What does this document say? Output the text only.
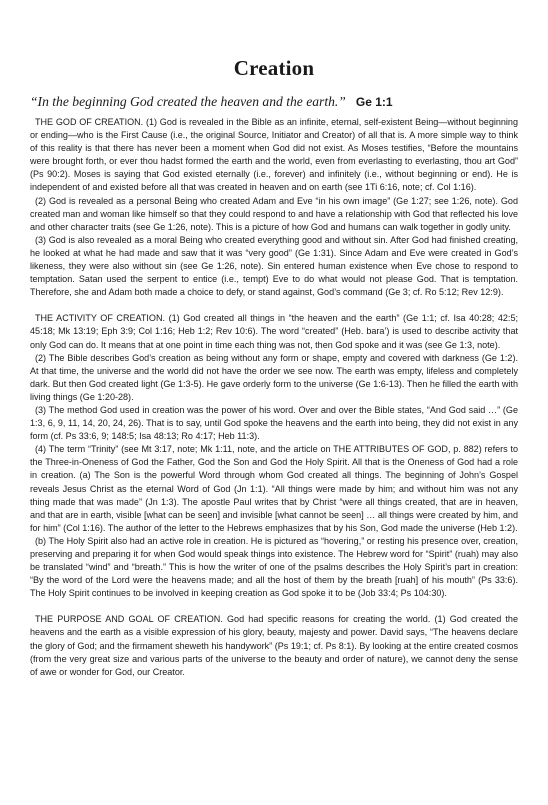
Creation
“In the beginning God created the heaven and the earth.” Ge 1:1

THE GOD OF CREATION. (1) God is revealed in the Bible as an infinite, eternal, self-existent Being—without beginning or ending—who is the First Cause (i.e., the original Source, Initiator and Creator) of all that is. A more simple way to think of this reality is that there has never been a moment when God did not exist. As Moses testifies, “Before the mountains were brought forth, or ever thou hadst formed the earth and the world, even from everlasting to everlasting, thou art God” (Ps 90:2). Moses is saying that God existed eternally (i.e., forever) and infinitely (i.e., without beginning or end). He is independent of and existed before all that was created in heaven and on earth (see 1Ti 6:16, note; cf. Col 1:16).

(2) God is revealed as a personal Being who created Adam and Eve “in his own image” (Ge 1:27; see 1:26, note). God created man and woman like himself so that they could respond to and have a relationship with God that reflected his love and other character traits (see Ge 1:26, note). This is a picture of how God and humans can walk together in godly unity.

(3) God is also revealed as a moral Being who created everything good and without sin. After God had finished creating, he looked at what he had made and saw that it was “very good” (Ge 1:31). Since Adam and Eve were created in God’s likeness, they were also without sin (see Ge 1:26, note). Sin entered human existence when Eve chose to respond to temptation. Satan used the serpent to entice (i.e., tempt) Eve to do what would not please God. That is temptation. Therefore, she and Adam both made a choice to defy, or stand against, God’s command (Ge 3; cf. Ro 5:12; Rev 12:9).

THE ACTIVITY OF CREATION. (1) God created all things in “the heaven and the earth” (Ge 1:1; cf. Isa 40:28; 42:5; 45:18; Mk 13:19; Eph 3:9; Col 1:16; Heb 1:2; Rev 10:6). The word “created” (Heb. bara’) is used to describe activity that only God can do. It means that at one point in time each thing was not, then God spoke and it was (see Ge 1:3, note).

(2) The Bible describes God’s creation as being without any form or shape, empty and covered with darkness (Ge 1:2). At that time, the universe and the world did not have the order we see now. The earth was empty, lifeless and completely dark. But then God created light (Ge 1:3-5). He gave orderly form to the universe (Ge 1:6-13). Then he filled the earth with living things (Ge 1:20-28).

(3) The method God used in creation was the power of his word. Over and over the Bible states, “And God said …” (Ge 1:3, 6, 9, 11, 14, 20, 24, 26). That is to say, until God spoke the heavens and the earth into being, they did not exist in any form (cf. Ps 33:6, 9; 148:5; Isa 48:13; Ro 4:17; Heb 11:3).

(4) The term “Trinity” (see Mt 3:17, note; Mk 1:11, note, and the article on THE ATTRIBUTES OF GOD, p. 882) refers to the Three-in-Oneness of God the Father, God the Son and God the Holy Spirit. All that is the Oneness of God had a role in creation. (a) The Son is the powerful Word through whom God created all things. The beginning of John’s Gospel reveals Jesus Christ as the eternal Word of God (Jn 1:1). “All things were made by him; and without him was not any thing made that was made” (Jn 1:3). The apostle Paul writes that by Christ “were all things created, that are in heaven, and that are in earth, visible [what can be seen] and invisible [what cannot be seen] … all things were created by him, and for him” (Col 1:16). The author of the letter to the Hebrews emphasizes that by his Son, God made the universe (Heb 1:2).

(b) The Holy Spirit also had an active role in creation. He is pictured as “hovering,” or resting his presence over, creation, preserving and preparing it for when God would speak things into existence. The Hebrew word for “Spirit” (ruah) may also be translated “wind” and “breath.” This is how the writer of one of the psalms describes the Holy Spirit’s part in creation: “By the word of the Lord were the heavens made; and all the host of them by the breath [ruah] of his mouth” (Ps 33:6). The Holy Spirit continues to be involved in keeping creation as God spoke it to be (Job 33:4; Ps 104:30).

THE PURPOSE AND GOAL OF CREATION. God had specific reasons for creating the world. (1) God created the heavens and the earth as a visible expression of his glory, beauty, majesty and power. David says, “The heavens declare the glory of God; and the firmament sheweth his handywork” (Ps 19:1; cf. Ps 8:1). By looking at the entire created cosmos (from the very great size and various parts of the universe to the beauty and order of nature), we cannot deny the sense of awe or wonder for God, our Creator.
